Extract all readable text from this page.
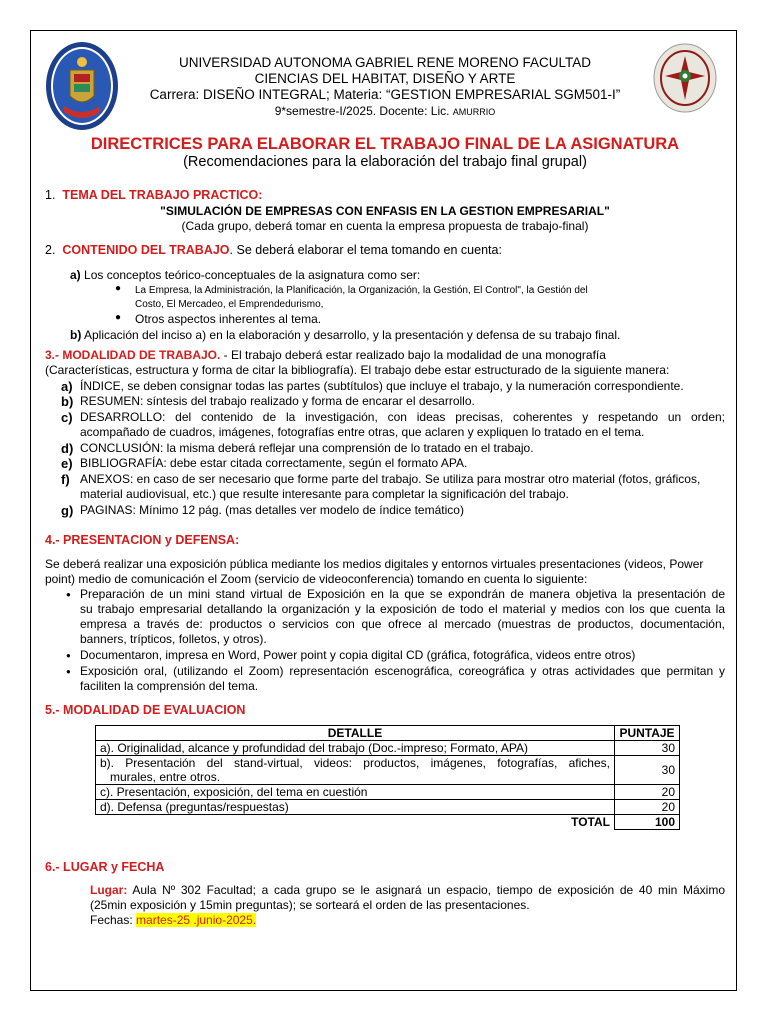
UNIVERSIDAD AUTONOMA GABRIEL RENE MORENO FACULTAD
CIENCIAS DEL HABITAT, DISEÑO Y ARTE
Carrera: DISEÑO INTEGRAL; Materia: “GESTION EMPRESARIAL SGM501-I”
9*semestre-I/2025. Docente: Lic. AMURRIO
DIRECTRICES PARA ELABORAR EL TRABAJO FINAL DE LA ASIGNATURA
(Recomendaciones para la elaboración del trabajo final grupal)
1. TEMA DEL TRABAJO PRACTICO:
"SIMULACIÓN DE EMPRESAS CON ENFASIS EN LA GESTION EMPRESARIAL"
(Cada grupo, deberá tomar en cuenta la empresa propuesta de trabajo-final)
2. CONTENIDO DEL TRABAJO. Se deberá elaborar el tema tomando en cuenta:
a) Los conceptos teórico-conceptuales de la asignatura como ser:
● La Empresa, la Administración, la Planificación, la Organización, la Gestión, El Control", la Gestión del
Costo, El Mercadeo, el Emprendedurismo,
● Otros aspectos inherentes al tema.
b) Aplicación del inciso a) en la elaboración y desarrollo, y la presentación y defensa de su trabajo final.
3.- MODALIDAD DE TRABAJO. - El trabajo deberá estar realizado bajo la modalidad de una monografía
(Características, estructura y forma de citar la bibliografía). El trabajo debe estar estructurado de la siguiente manera:
a) ÍNDICE, se deben consignar todas las partes (subtítulos) que incluye el trabajo, y la numeración correspondiente.
b) RESUMEN: síntesis del trabajo realizado y forma de encarar el desarrollo.
c) DESARROLLO: del contenido de la investigación, con ideas precisas, coherentes y respetando un orden;
acompañado de cuadros, imágenes, fotografías entre otras, que aclaren y expliquen lo tratado en el tema.
d) CONCLUSIÓN: la misma deberá reflejar una comprensión de lo tratado en el trabajo.
e) BIBLIOGRAFÍA: debe estar citada correctamente, según el formato APA.
f) ANEXOS: en caso de ser necesario que forme parte del trabajo. Se utiliza para mostrar otro material (fotos, gráficos,
material audiovisual, etc.) que resulte interesante para completar la significación del trabajo.
g) PAGINAS: Mínimo 12 pág. (mas detalles ver modelo de índice temático)
4.- PRESENTACION y DEFENSA:
Se deberá realizar una exposición pública mediante los medios digitales y entornos virtuales presentaciones (videos, Power
point) medio de comunicación el Zoom (servicio de videoconferencia) tomando en cuenta lo siguiente:
● Preparación de un mini stand virtual de Exposición en la que se expondrán de manera objetiva la presentación de
su trabajo empresarial detallando la organización y la exposición de todo el material y medios con los que cuenta la
empresa a través de: productos o servicios con que ofrece al mercado (muestras de productos, documentación,
banners, trípticos, folletos, y otros).
● Documentaron, impresa en Word, Power point y copia digital CD (gráfica, fotográfica, videos entre otros)
● Exposición oral, (utilizando el Zoom) representación escenográfica, coreográfica y otras actividades que permitan y
faciliten la comprensión del tema.
5.- MODALIDAD DE EVALUACION
DETALLE	PUNTAJE
a). Originalidad, alcance y profundidad del trabajo (Doc.-impreso; Formato, APA)	30

b). Presentación del stand-virtual, videos: productos, imágenes, fotografías, afiches,
murales, entre otros.	30
c). Presentación, exposición, del tema en cuestión	20
d). Defensa (preguntas/respuestas)	20
TOTAL	100
6.- LUGAR y FECHA
Lugar: Aula Nº 302 Facultad; a cada grupo se le asignará un espacio, tiempo de exposición de 40 min Máximo
(25min exposición y 15min preguntas); se sorteará el orden de las presentaciones.
Fechas: martes-25 .junio-2025.
